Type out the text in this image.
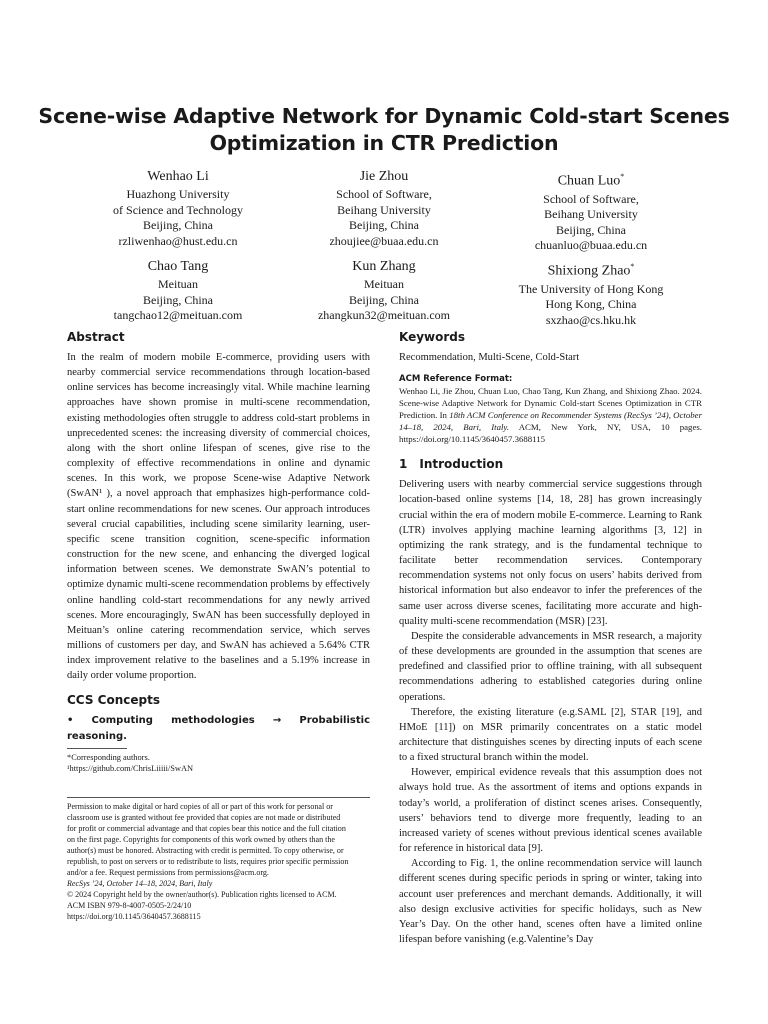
Scene-wise Adaptive Network for Dynamic Cold-start Scenes
Optimization in CTR Prediction
Wenhao Li
Huazhong University
of Science and Technology
Beijing, China
rzliwenhao@hust.edu.cn
Jie Zhou
School of Software,
Beihang University
Beijing, China
zhoujiee@buaa.edu.cn
Chuan Luo*
School of Software,
Beihang University
Beijing, China
chuanluo@buaa.edu.cn
Chao Tang
Meituan
Beijing, China
tangchao12@meituan.com
Kun Zhang
Meituan
Beijing, China
zhangkun32@meituan.com
Shixiong Zhao*
The University of Hong Kong
Hong Kong, China
sxzhao@cs.hku.hk
Abstract

In the realm of modern mobile E-commerce, providing users with nearby commercial service recommendations through location-based online services has become increasingly vital. While machine learning approaches have shown promise in multi-scene recommendation, existing methodologies often struggle to address cold-start problems in unprecedented scenes: the increasing diversity of commercial choices, along with the short online lifespan of scenes, give rise to the complexity of effective recommendations in online and dynamic scenes. In this work, we propose Scene-wise Adaptive Network (SwAN¹ ), a novel approach that emphasizes high-performance cold-start online recommendations for new scenes. Our approach introduces several crucial capabilities, including scene similarity learning, user-specific scene transition cognition, scene-specific information construction for the new scene, and enhancing the diverged logical information between scenes. We demonstrate SwAN’s potential to optimize dynamic multi-scene recommendation problems by effectively online handling cold-start recommendations for any newly arrived scenes. More encouragingly, SwAN has been successfully deployed in Meituan’s online catering recommendation service, which serves millions of customers per day, and SwAN has achieved a 5.64% CTR index improvement relative to the baselines and a 5.19% increase in daily order volume proportion.

CCS Concepts

• Computing methodologies → Probabilistic reasoning.

*Corresponding authors.
¹https://github.com/ChrisLiiiii/SwAN
Permission to make digital or hard copies of all or part of this work for personal or
classroom use is granted without fee provided that copies are not made or distributed
for profit or commercial advantage and that copies bear this notice and the full citation
on the first page. Copyrights for components of this work owned by others than the
author(s) must be honored. Abstracting with credit is permitted. To copy otherwise, or
republish, to post on servers or to redistribute to lists, requires prior specific permission
and/or a fee. Request permissions from permissions@acm.org.
RecSys ’24, October 14–18, 2024, Bari, Italy
© 2024 Copyright held by the owner/author(s). Publication rights licensed to ACM.
ACM ISBN 979-8-4007-0505-2/24/10
https://doi.org/10.1145/3640457.3688115
Keywords

Recommendation, Multi-Scene, Cold-Start

ACM Reference Format:

Wenhao Li, Jie Zhou, Chuan Luo, Chao Tang, Kun Zhang, and Shixiong Zhao. 2024. Scene-wise Adaptive Network for Dynamic Cold-start Scenes Optimization in CTR Prediction. In 18th ACM Conference on Recommender Systems (RecSys ’24), October 14–18, 2024, Bari, Italy. ACM, New York, NY, USA, 10 pages. https://doi.org/10.1145/3640457.3688115

1 Introduction

Delivering users with nearby commercial service suggestions through location-based online systems [14, 18, 28] has grown increasingly crucial within the era of modern mobile E-commerce. Learning to Rank (LTR) involves applying machine learning algorithms [3, 12] in optimizing the rank strategy, and is the fundamental technique to facilitate better recommendation services. Contemporary recommendation systems not only focus on users’ habits derived from historical information but also endeavor to infer the preferences of the same user across diverse scenes, facilitating more accurate and high-quality multi-scene recommendation (MSR) [23].

Despite the considerable advancements in MSR research, a majority of these developments are grounded in the assumption that scenes are predefined and classified prior to offline training, with all subsequent recommendations adhering to established categories during online operations.

Therefore, the existing literature (e.g.SAML [2], STAR [19], and HMoE [11]) on MSR primarily concentrates on a static model architecture that distinguishes scenes by directing inputs of each scene to a fixed structural branch within the model.

However, empirical evidence reveals that this assumption does not always hold true. As the assortment of items and options expands in today’s world, a proliferation of distinct scenes arises. Consequently, users’ behaviors tend to diverge more frequently, leading to an increased variety of scenes without previous identical scenes available for reference in historical data [9].

According to Fig. 1, the online recommendation service will launch different scenes during specific periods in spring or winter, taking into account user preferences and merchant demands. Additionally, it will also design exclusive activities for specific holidays, such as New Year’s Day. On the other hand, scenes often have a limited online lifespan before vanishing (e.g.Valentine’s Day
